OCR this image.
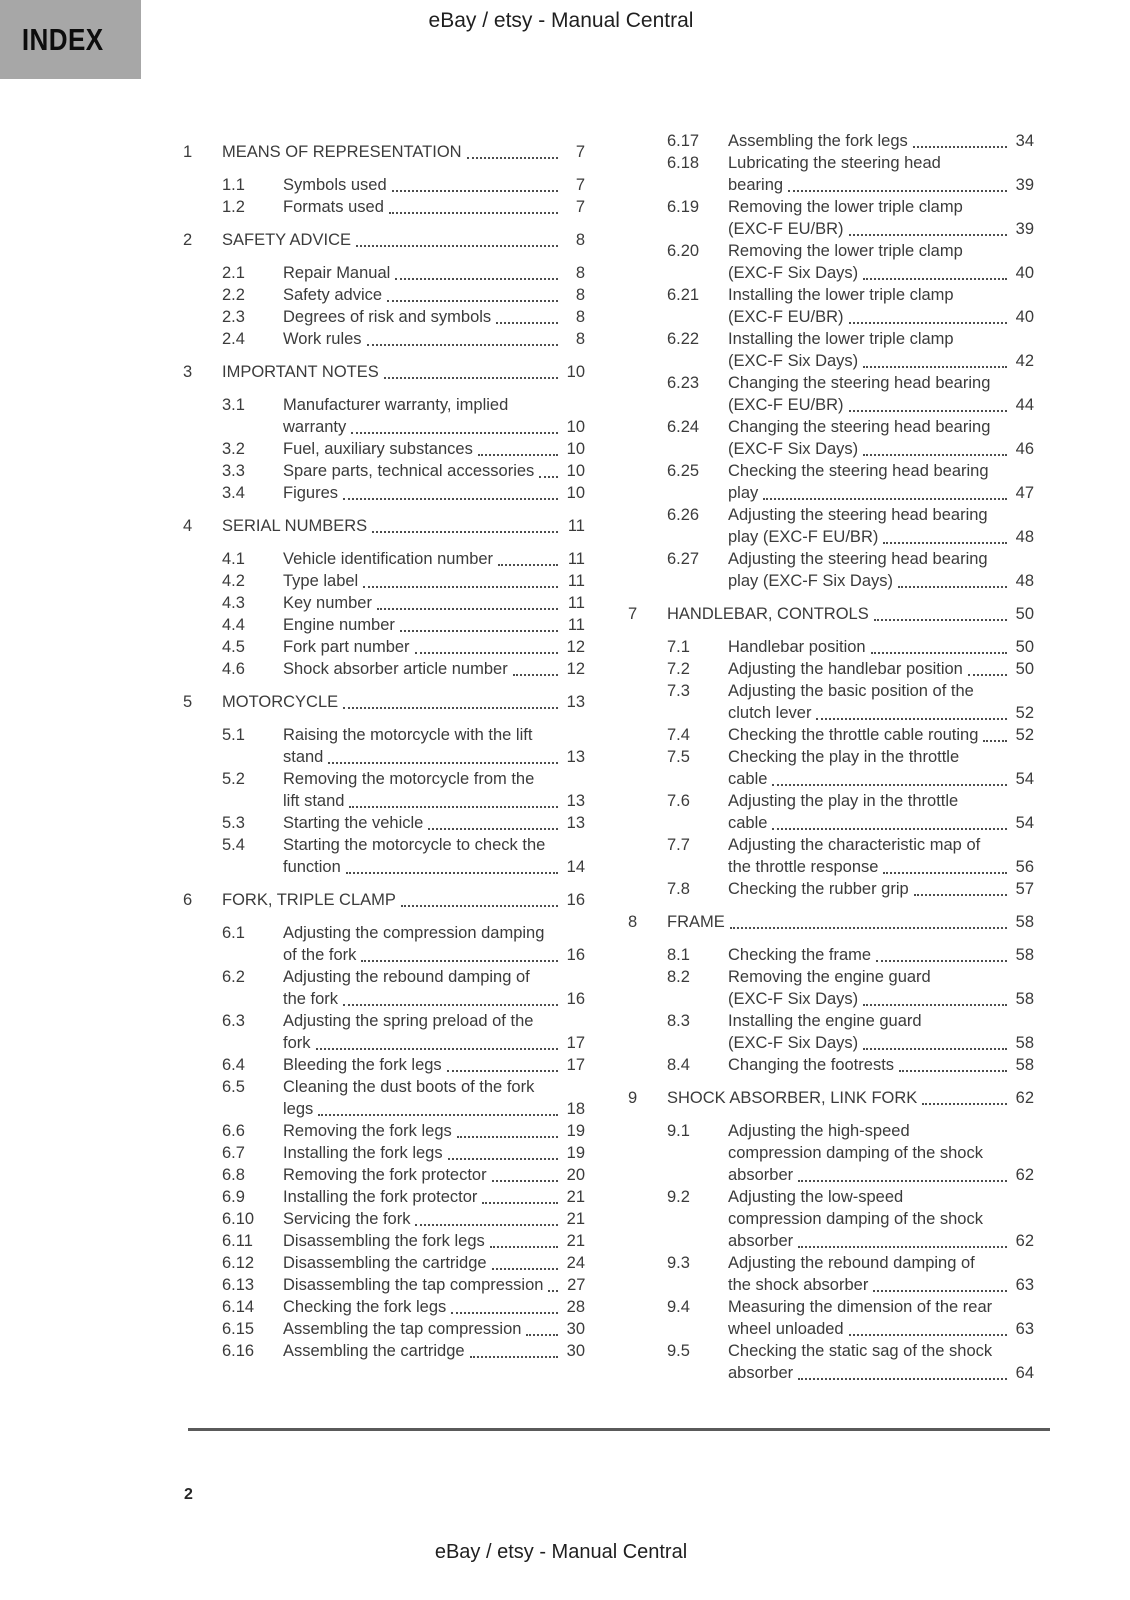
INDEX
eBay / etsy - Manual Central
1	MEANS OF REPRESENTATION	7
1.1	Symbols used	7
1.2	Formats used	7
2	SAFETY ADVICE	8
2.1	Repair Manual	8
2.2	Safety advice	8
2.3	Degrees of risk and symbols	8
2.4	Work rules	8
3	IMPORTANT NOTES	10
3.1	Manufacturer warranty, implied
warranty	10
3.2	Fuel, auxiliary substances	10
3.3	Spare parts, technical accessories 10
3.4	Figures	10
4	SERIAL NUMBERS	11
4.1	Vehicle identification number	11
4.2	Type label	11
4.3	Key number	11
4.4	Engine number	11
4.5	Fork part number	12
4.6	Shock absorber article number	12
5	MOTORCYCLE	13
5.1	Raising the motorcycle with the lift
stand	13
5.2	Removing the motorcycle from the
lift stand	13
5.3	Starting the vehicle	13
5.4	Starting the motorcycle to check the
function	14
6	FORK, TRIPLE CLAMP	16
6.1	Adjusting the compression damping
of the fork	16
6.2	Adjusting the rebound damping of
the fork	16
6.3	Adjusting the spring preload of the
fork	17
6.4	Bleeding the fork legs	17
6.5	Cleaning the dust boots of the fork
legs	18
6.6	Removing the fork legs	19
6.7	Installing the fork legs	19
6.8	Removing the fork protector	20
6.9	Installing the fork protector	21
6.10	Servicing the fork	21
6.11	Disassembling the fork legs	21
6.12	Disassembling the cartridge	24
6.13	Disassembling the tap compression 27
6.14	Checking the fork legs	28
6.15	Assembling the tap compression	30
6.16	Assembling the cartridge	30
6.17	Assembling the fork legs	34
6.18	Lubricating the steering head
bearing	39
6.19	Removing the lower triple clamp
(EXC-F EU/BR)	39
6.20	Removing the lower triple clamp
(EXC-F Six Days)	40
6.21	Installing the lower triple clamp
(EXC-F EU/BR)	40
6.22	Installing the lower triple clamp
(EXC-F Six Days)	42
6.23	Changing the steering head bearing
(EXC-F EU/BR)	44
6.24	Changing the steering head bearing
(EXC-F Six Days)	46
6.25	Checking the steering head bearing
play	47
6.26	Adjusting the steering head bearing
play (EXC-F EU/BR)	48
6.27	Adjusting the steering head bearing
play (EXC-F Six Days)	48
7	HANDLEBAR, CONTROLS	50
7.1	Handlebar position	50
7.2	Adjusting the handlebar position	50
7.3	Adjusting the basic position of the
clutch lever	52
7.4	Checking the throttle cable routing 52
7.5	Checking the play in the throttle
cable	54
7.6	Adjusting the play in the throttle
cable	54
7.7	Adjusting the characteristic map of
the throttle response	56
7.8	Checking the rubber grip	57
8	FRAME	58
8.1	Checking the frame	58
8.2	Removing the engine guard
(EXC-F Six Days)	58
8.3	Installing the engine guard
(EXC-F Six Days)	58
8.4	Changing the footrests	58
9	SHOCK ABSORBER, LINK FORK	62
9.1	Adjusting the high-speed
compression damping of the shock
absorber	62
9.2	Adjusting the low-speed
compression damping of the shock
absorber	62
9.3	Adjusting the rebound damping of
the shock absorber	63
9.4	Measuring the dimension of the rear
wheel unloaded	63
9.5	Checking the static sag of the shock
absorber	64
2
eBay / etsy - Manual Central
